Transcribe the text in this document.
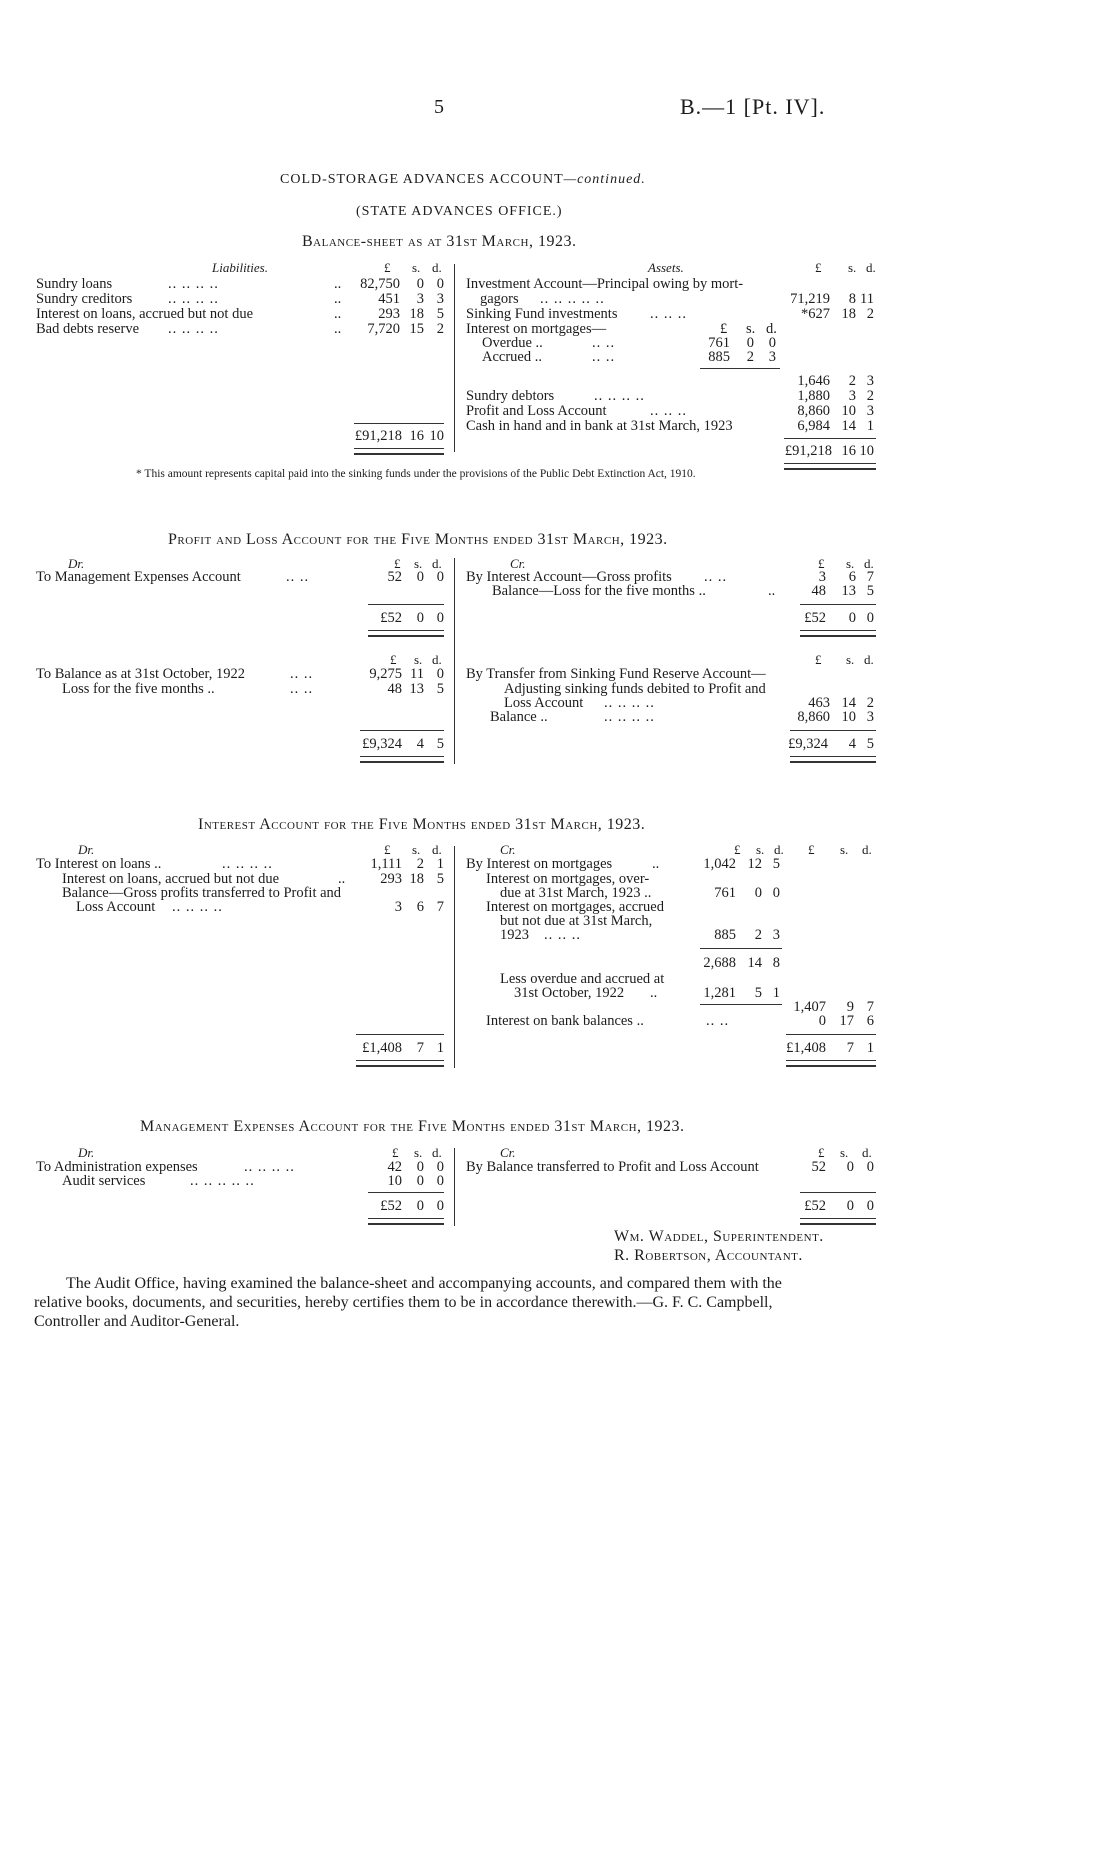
5	B.—1 [Pt. IV].
COLD-STORAGE ADVANCES ACCOUNT—continued.
(STATE ADVANCES OFFICE.)
Balance-sheet as at 31st March, 1923.
Liabilities.	£ s. d.	Assets.	£ s. d.
Sundry loans	.. .. .. ..	..	82,750	0 0
Sundry creditors .. .. .. ..	..	451	3 3
Interest on loans, accrued but not due	..	293 18 5
Bad debts reserve .. .. .. ..	..	7,720 15 2
£91,218 16 10
Investment Account—Principal owing by mort-
gagors .. .. .. .. ..	71,219	8 11
Sinking Fund investments .. .. ..	*627 18 2
Interest on mortgages—	£ s. d.
Overdue ..	.. ..	761	0	0
Accrued ..	.. ..	885	2	3
1,646	2 3
Sundry debtors	.. .. .. ..	1,880	3 2
Profit and Loss Account	.. .. ..	8,860 10 3
Cash in hand and in bank at 31st March, 1923	6,984 14 1
£91,218 16 10
* This amount represents capital paid into the sinking funds under the provisions of the Public Debt Extinction Act, 1910.
Profit and Loss Account for the Five Months ended 31st March, 1923.
Dr.	£ s. d.	Cr.	£ s. d.
To Management Expenses Account	.. ..	52	0 0 By Interest Account—Gross profits .. ..	3	6 7
Balance—Loss for the five months ..	..	48	13 5
£52	0 0	£52	0 0
£ s. d.	£ s. d.
To Balance as at 31st October, 1922	.. ..	9,275 11 0
Loss for the five months ..	.. ..	48 13 5
By Transfer from Sinking Fund Reserve Account—
Adjusting sinking funds debited to Profit and
Loss Account .. .. .. ..	463 14 2
Balance ..	.. .. .. ..	8,860 10 3
£9,324	4 5	£9,324	4 5
Interest Account for the Five Months ended 31st March, 1923.
Dr.	£ s. d.	Cr.	£ s. d. £ s. d.
To Interest on loans ..	.. .. .. ..	1,111	2 1
Interest on loans, accrued but not due	..	293 18 5
Balance—Gross profits transferred to Profit and
Loss Account .. .. .. ..	3	6 7
By Interest on mortgages	..	1,042 12 5
Interest on mortgages, over-
due at 31st March, 1923 ..	761	0 0
Interest on mortgages, accrued
but not due at 31st March,
1923 .. .. ..	885	2 3
2,688 14 8
Less overdue and accrued at
31st October, 1922 ..	1,281	5 1
1,407	9 7
Interest on bank balances ..	.. ..	0 17 6
£1,408	7 1	£1,408	7 1
Management Expenses Account for the Five Months ended 31st March, 1923.
Dr.	£ s. d.	Cr.	£ s. d.
To Administration expenses	.. .. .. ..	42	0 0
Audit services	.. .. .. .. ..	10	0 0
By Balance transferred to Profit and Loss Account	52	0 0
£52	0 0	£52	0 0
Wm. Waddel, Superintendent.
R. Robertson, Accountant.
The Audit Office, having examined the balance-sheet and accompanying accounts, and compared them with the
relative books, documents, and securities, hereby certifies them to be in accordance therewith.—G. F. C. Campbell,
Controller and Auditor-General.
